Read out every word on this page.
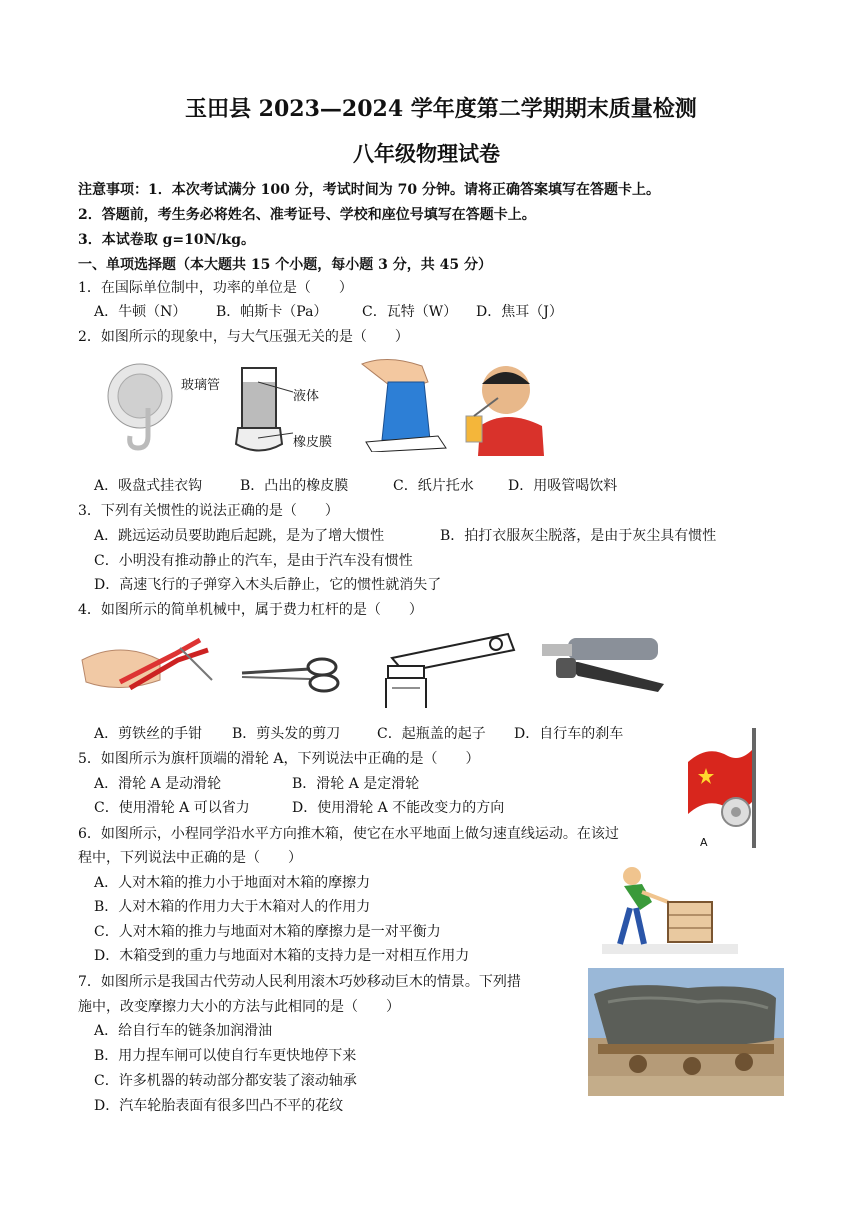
玉田县 2023—2024 学年度第二学期期末质量检测
八年级物理试卷
注意事项：1．本次考试满分 100 分，考试时间为 70 分钟。请将正确答案填写在答题卡上。
2．答题前，考生务必将姓名、准考证号、学校和座位号填写在答题卡上。
3．本试卷取 g=10N/kg。
一、单项选择题（本大题共 15 个小题，每小题 3 分，共 45 分）
1．在国际单位制中，功率的单位是（　　）
A．牛顿（N） B．帕斯卡（Pa） C．瓦特（W） D．焦耳（J）
2．如图所示的现象中，与大气压强无关的是（　　）
玻璃管
液体
橡皮膜
A．吸盘式挂衣钩	B．凸出的橡皮膜	C．纸片托水 D．用吸管喝饮料
3．下列有关惯性的说法正确的是（　　）
A．跳远运动员要助跑后起跳，是为了增大惯性	B．拍打衣服灰尘脱落，是由于灰尘具有惯性
C．小明没有推动静止的汽车，是由于汽车没有惯性
D．高速飞行的子弹穿入木头后静止，它的惯性就消失了
4．如图所示的简单机械中，属于费力杠杆的是（　　）
A．剪铁丝的手钳 B．剪头发的剪刀	C．起瓶盖的起子 D．自行车的刹车
5．如图所示为旗杆顶端的滑轮 A，下列说法中正确的是（　　）
A．滑轮 A 是动滑轮	B．滑轮 A 是定滑轮
C．使用滑轮 A 可以省力	D．使用滑轮 A 不能改变力的方向
A
6．如图所示，小程同学沿水平方向推木箱，使它在水平地面上做匀速直线运动。在该过
程中，下列说法中正确的是（　　）
A．人对木箱的推力小于地面对木箱的摩擦力
B．人对木箱的作用力大于木箱对人的作用力
C．人对木箱的推力与地面对木箱的摩擦力是一对平衡力
D．木箱受到的重力与地面对木箱的支持力是一对相互作用力
7．如图所示是我国古代劳动人民利用滚木巧妙移动巨木的情景。下列措
施中，改变摩擦力大小的方法与此相同的是（　　）
A．给自行车的链条加润滑油
B．用力捏车闸可以使自行车更快地停下来
C．许多机器的转动部分都安装了滚动轴承
D．汽车轮胎表面有很多凹凸不平的花纹
